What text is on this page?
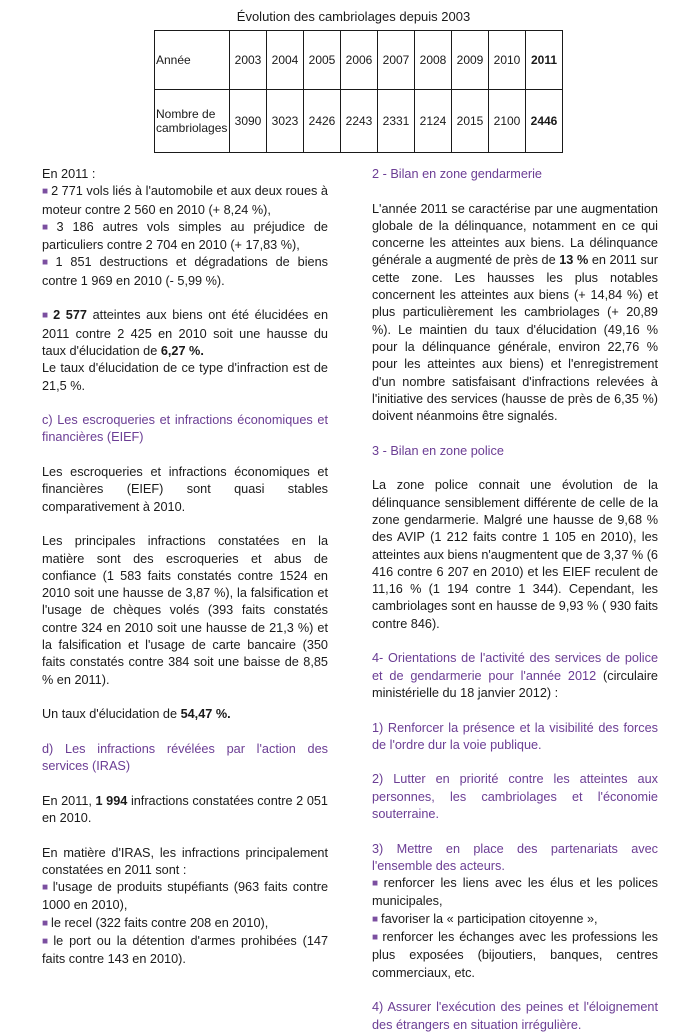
Évolution des cambriolages depuis 2003
Année	2003	2004	2005	2006	2007	2008	2009	2010	2011
Nombre de cambriolages	3090	3023	2426	2243	2331	2124	2015	2100	2446

En 2011 :

■ 2 771 vols liés à l'automobile et aux deux roues à moteur contre 2 560 en 2010 (+ 8,24 %),

■ 3 186 autres vols simples au préjudice de particuliers contre 2 704 en 2010 (+ 17,83 %),

■ 1 851 destructions et dégradations de biens contre 1 969 en 2010 (- 5,99 %).

■ 2 577 atteintes aux biens ont été élucidées en 2011 contre 2 425 en 2010 soit une hausse du taux d'élucidation de 6,27 %.

Le taux d'élucidation de ce type d'infraction est de 21,5 %.

c) Les escroqueries et infractions économiques et financières (EIEF)

Les escroqueries et infractions économiques et financières (EIEF) sont quasi stables comparativement à 2010.

Les principales infractions constatées en la matière sont des escroqueries et abus de confiance (1 583 faits constatés contre 1524 en 2010 soit une hausse de 3,87 %), la falsification et l'usage de chèques volés (393 faits constatés contre 324 en 2010 soit une hausse de 21,3 %) et la falsification et l'usage de carte bancaire (350 faits constatés contre 384 soit une baisse de 8,85 % en 2011).

Un taux d'élucidation de 54,47 %.

d) Les infractions révélées par l'action des services (IRAS)

En 2011, 1 994 infractions constatées contre 2 051 en 2010.

En matière d'IRAS, les infractions principalement constatées en 2011 sont :

■ l'usage de produits stupéfiants (963 faits contre 1000 en 2010),

■ le recel (322 faits contre 208 en 2010),

■ le port ou la détention d'armes prohibées (147 faits contre 143 en 2010).

2 - Bilan en zone gendarmerie

L'année 2011 se caractérise par une augmentation globale de la délinquance, notamment en ce qui concerne les atteintes aux biens. La délinquance générale a augmenté de près de 13 % en 2011 sur cette zone. Les hausses les plus notables concernent les atteintes aux biens (+ 14,84 %) et plus particulièrement les cambriolages (+ 20,89 %). Le maintien du taux d'élucidation (49,16 % pour la délinquance générale, environ 22,76 % pour les atteintes aux biens) et l'enregistrement d'un nombre satisfaisant d'infractions relevées à l'initiative des services (hausse de près de 6,35 %) doivent néanmoins être signalés.

3 - Bilan en zone police

La zone police connait une évolution de la délinquance sensiblement différente de celle de la zone gendarmerie. Malgré une hausse de 9,68 % des AVIP (1 212 faits contre 1 105 en 2010), les atteintes aux biens n'augmentent que de 3,37 % (6 416 contre 6 207 en 2010) et les EIEF reculent de 11,16 % (1 194 contre 1 344). Cependant, les cambriolages sont en hausse de 9,93 % ( 930 faits contre 846).

4- Orientations de l'activité des services de police et de gendarmerie pour l'année 2012 (circulaire ministérielle du 18 janvier 2012) :

1) Renforcer la présence et la visibilité des forces de l'ordre dur la voie publique.

2) Lutter en priorité contre les atteintes aux personnes, les cambriolages et l'économie souterraine.

3) Mettre en place des partenariats avec l'ensemble des acteurs.

■ renforcer les liens avec les élus et les polices municipales,

■ favoriser la « participation citoyenne »,

■ renforcer les échanges avec les professions les plus exposées (bijoutiers, banques, centres commerciaux, etc.

4) Assurer l'exécution des peines et l'éloignement des étrangers en situation irrégulière.
